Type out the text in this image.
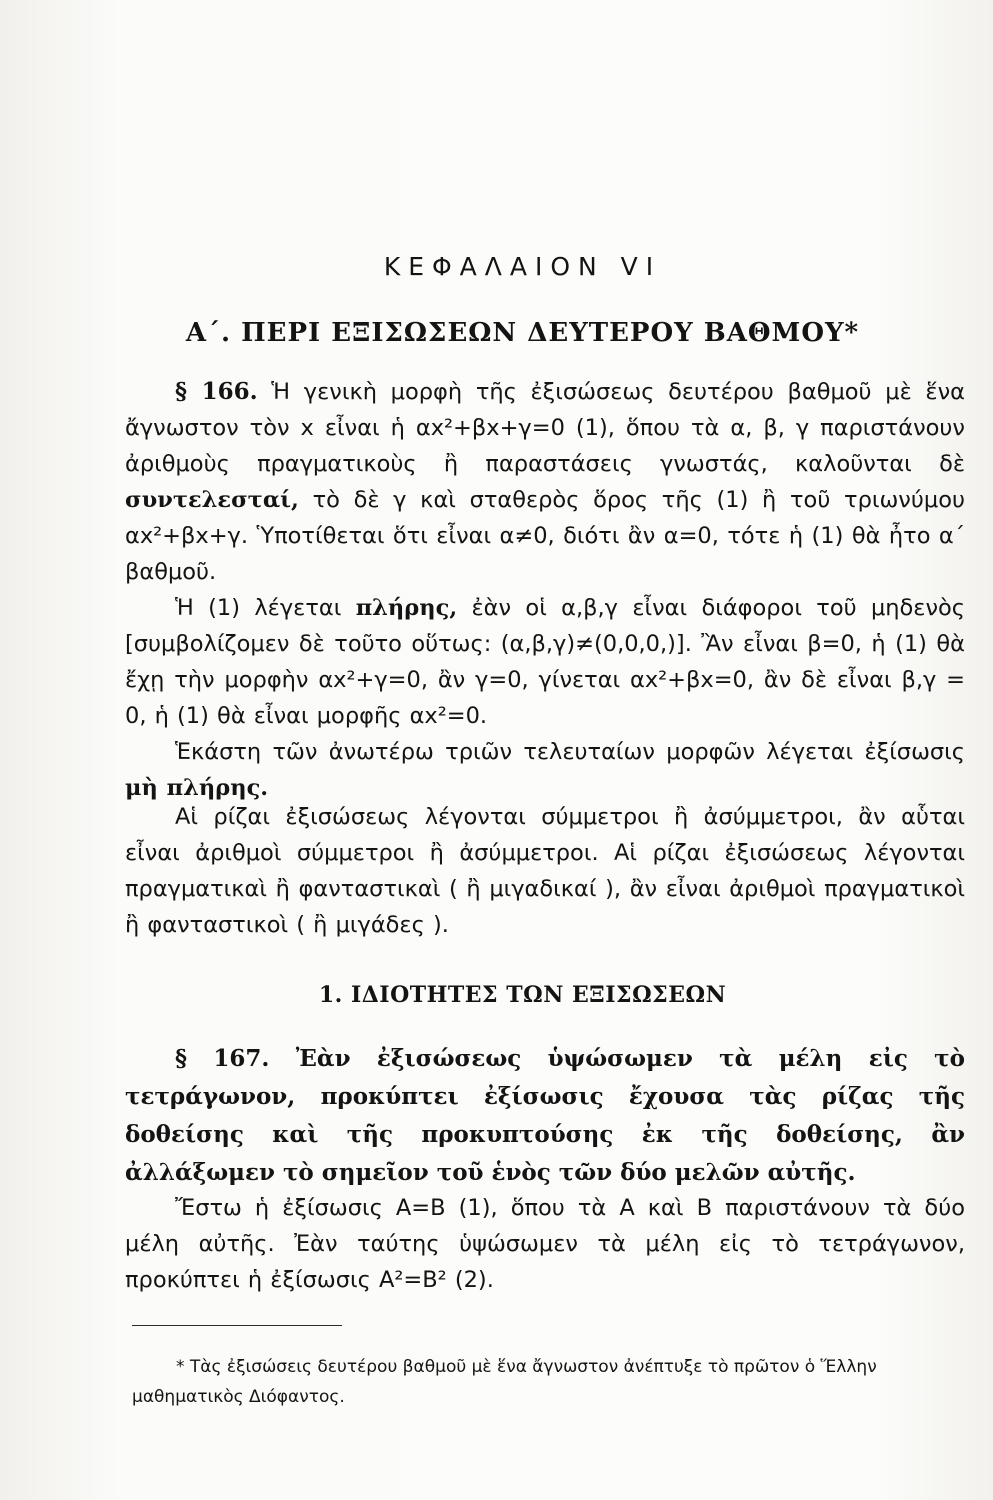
ΚΕΦΑΛΑΙΟΝ VI
Α΄. ΠΕΡΙ ΕΞΙΣΩΣΕΩΝ ΔΕΥΤΕΡΟΥ ΒΑΘΜΟΥ*

§ 166. Ἡ γενικὴ μορφὴ τῆς ἐξισώσεως δευτέρου βαθμοῦ μὲ ἕνα ἄγνωστον τὸν x εἶναι ἡ αx²+βx+γ=0 (1), ὅπου τὰ α, β, γ παριστάνουν ἀριθμοὺς πραγματικοὺς ἢ παραστάσεις γνωστάς, καλοῦνται δὲ συντελεσταί, τὸ δὲ γ καὶ σταθερὸς ὅρος τῆς (1) ἢ τοῦ τριωνύμου αx²+βx+γ. Ὑποτίθεται ὅτι εἶναι α≠0, διότι ἂν α=0, τότε ἡ (1) θὰ ἦτο α΄ βαθμοῦ.

Ἡ (1) λέγεται πλήρης, ἐὰν οἱ α,β,γ εἶναι διάφοροι τοῦ μηδενὸς [συμβολίζομεν δὲ τοῦτο οὕτως: (α,β,γ)≠(0,0,0,)]. Ἂν εἶναι β=0, ἡ (1) θὰ ἔχῃ τὴν μορφὴν αx²+γ=0, ἂν γ=0, γίνεται αx²+βx=0, ἂν δὲ εἶναι β,γ = 0, ἡ (1) θὰ εἶναι μορφῆς αx²=0.

Ἑκάστη τῶν ἀνωτέρω τριῶν τελευταίων μορφῶν λέγεται ἐξίσωσις μὴ πλήρης.

Αἱ ρίζαι ἐξισώσεως λέγονται σύμμετροι ἢ ἀσύμμετροι, ἂν αὗται εἶναι ἀριθμοὶ σύμμετροι ἢ ἀσύμμετροι. Αἱ ρίζαι ἐξισώσεως λέγονται πραγματικαὶ ἢ φανταστικαὶ ( ἢ μιγαδικαί ), ἂν εἶναι ἀριθμοὶ πραγματικοὶ ἢ φανταστικοὶ ( ἢ μιγάδες ).

1. ΙΔΙΟΤΗΤΕΣ ΤΩΝ ΕΞΙΣΩΣΕΩΝ

§ 167. Ἐὰν ἐξισώσεως ὑψώσωμεν τὰ μέλη εἰς τὸ τετράγωνον, προκύπτει ἐξίσωσις ἔχουσα τὰς ρίζας τῆς δοθείσης καὶ τῆς προκυπτούσης ἐκ τῆς δοθείσης, ἂν ἀλλάξωμεν τὸ σημεῖον τοῦ ἑνὸς τῶν δύο μελῶν αὐτῆς.

Ἔστω ἡ ἐξίσωσις A=B (1), ὅπου τὰ A καὶ B παριστάνουν τὰ δύο μέλη αὐτῆς. Ἐὰν ταύτης ὑψώσωμεν τὰ μέλη εἰς τὸ τετράγωνον, προκύπτει ἡ ἐξίσωσις A²=B² (2).

* Τὰς ἐξισώσεις δευτέρου βαθμοῦ μὲ ἕνα ἄγνωστον ἀνέπτυξε τὸ πρῶτον ὁ Ἕλλην μαθηματικὸς Διόφαντος.
